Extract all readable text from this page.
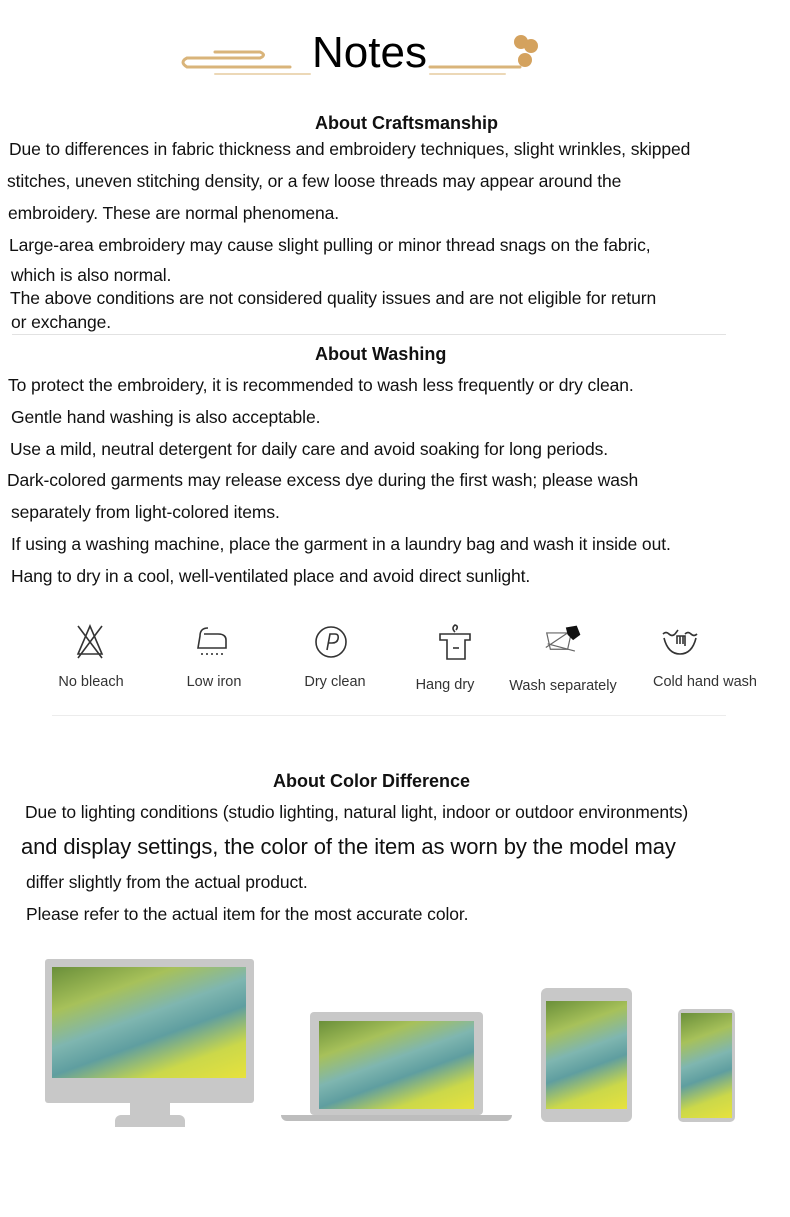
Notes
About Craftsmanship
Due to differences in fabric thickness and embroidery techniques, slight wrinkles, skipped
stitches, uneven stitching density, or a few loose threads may appear around the
embroidery. These are normal phenomena.
Large-area embroidery may cause slight pulling or minor thread snags on the fabric,
which is also normal.
The above conditions are not considered quality issues and are not eligible for return
or exchange.
About Washing
To protect the embroidery, it is recommended to wash less frequently or dry clean.
Gentle hand washing is also acceptable.
Use a mild, neutral detergent for daily care and avoid soaking for long periods.
Dark-colored garments may release excess dye during the first wash; please wash
separately from light-colored items.
If using a washing machine, place the garment in a laundry bag and wash it inside out.
Hang to dry in a cool, well-ventilated place and avoid direct sunlight.
No bleach	Low iron	Dry clean	Hang dry Wash separately	Cold hand wash
About Color Difference
Due to lighting conditions (studio lighting, natural light, indoor or outdoor environments)
and display settings, the color of the item as worn by the model may
differ slightly from the actual product.
Please refer to the actual item for the most accurate color.
